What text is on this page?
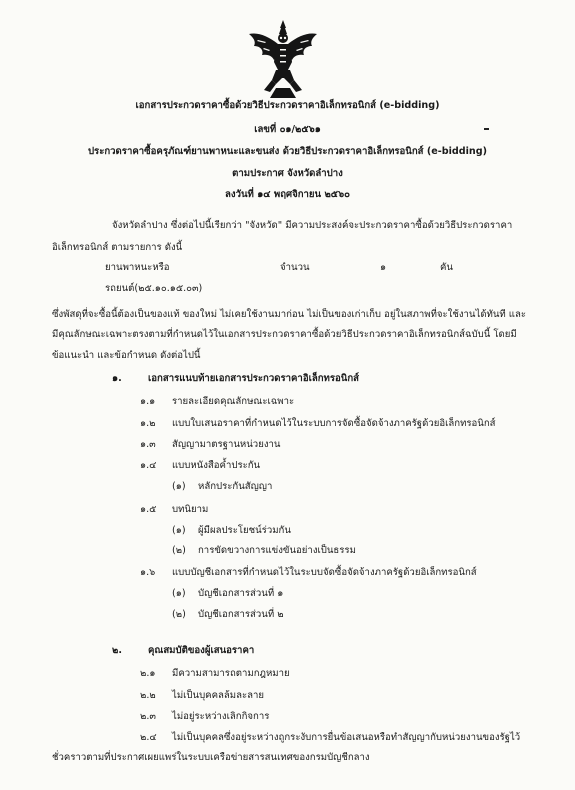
เอกสารประกวดราคาซื้อด้วยวิธีประกวดราคาอิเล็กทรอนิกส์ (e-bidding)
เลขที่ ๐๑/๒๕๖๑
ประกวดราคาซื้อครุภัณฑ์ยานพาหนะและขนส่ง ด้วยวิธีประกวดราคาอิเล็กทรอนิกส์ (e-bidding)
ตามประกาศ จังหวัดลำปาง
ลงวันที่ ๑๔ พฤศจิกายน ๒๕๖๐
จังหวัดลำปาง ซึ่งต่อไปนี้เรียกว่า "จังหวัด" มีความประสงค์จะประกวดราคาซื้อด้วยวิธีประกวดราคา
อิเล็กทรอนิกส์ ตามรายการ ดังนี้
ยานพาหนะหรือ	จำนวน	๑	คัน
รถยนต์(๒๕.๑๐.๑๕.๐๓)
ซึ่งพัสดุที่จะซื้อนี้ต้องเป็นของแท้ ของใหม่ ไม่เคยใช้งานมาก่อน ไม่เป็นของเก่าเก็บ อยู่ในสภาพที่จะใช้งานได้ทันที และ
มีคุณลักษณะเฉพาะตรงตามที่กำหนดไว้ในเอกสารประกวดราคาซื้อด้วยวิธีประกวดราคาอิเล็กทรอนิกส์ฉบับนี้ โดยมี
ข้อแนะนำ และข้อกำหนด ดังต่อไปนี้
๑.	เอกสารแนบท้ายเอกสารประกวดราคาอิเล็กทรอนิกส์
๑.๑ รายละเอียดคุณลักษณะเฉพาะ
๑.๒ แบบใบเสนอราคาที่กำหนดไว้ในระบบการจัดซื้อจัดจ้างภาครัฐด้วยอิเล็กทรอนิกส์
๑.๓ สัญญามาตรฐานหน่วยงาน
๑.๔ แบบหนังสือค้ำประกัน
(๑) หลักประกันสัญญา
๑.๕ บทนิยาม
(๑) ผู้มีผลประโยชน์ร่วมกัน
(๒) การขัดขวางการแข่งขันอย่างเป็นธรรม
๑.๖ แบบบัญชีเอกสารที่กำหนดไว้ในระบบจัดซื้อจัดจ้างภาครัฐด้วยอิเล็กทรอนิกส์
(๑) บัญชีเอกสารส่วนที่ ๑
(๒) บัญชีเอกสารส่วนที่ ๒
๒.	คุณสมบัติของผู้เสนอราคา
๒.๑ มีความสามารถตามกฎหมาย
๒.๒ ไม่เป็นบุคคลล้มละลาย
๒.๓ ไม่อยู่ระหว่างเลิกกิจการ
๒.๔ ไม่เป็นบุคคลซึ่งอยู่ระหว่างถูกระงับการยื่นข้อเสนอหรือทำสัญญากับหน่วยงานของรัฐไว้
ชั่วคราวตามที่ประกาศเผยแพร่ในระบบเครือข่ายสารสนเทศของกรมบัญชีกลาง
